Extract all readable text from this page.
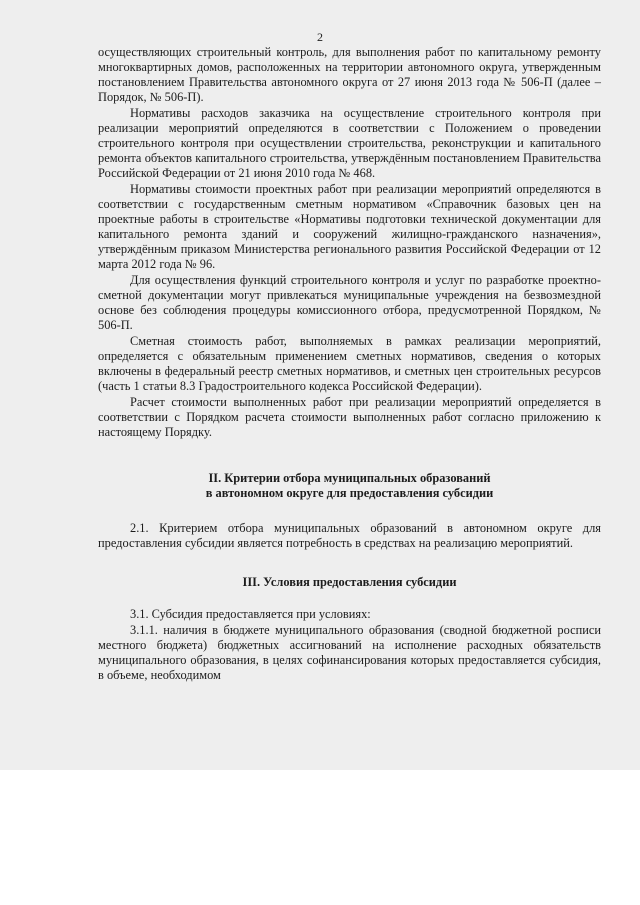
2

осуществляющих строительный контроль, для выполнения работ по капитальному ремонту многоквартирных домов, расположенных на территории автономного округа, утвержденным постановлением Правительства автономного округа от 27 июня 2013 года № 506-П (далее – Порядок, № 506-П).

Нормативы расходов заказчика на осуществление строительного контроля при реализации мероприятий определяются в соответствии с Положением о проведении строительного контроля при осуществлении строительства, реконструкции и капитального ремонта объектов капитального строительства, утверждённым постановлением Правительства Российской Федерации от 21 июня 2010 года № 468.

Нормативы стоимости проектных работ при реализации мероприятий определяются в соответствии с государственным сметным нормативом «Справочник базовых цен на проектные работы в строительстве «Нормативы подготовки технической документации для капитального ремонта зданий и сооружений жилищно-гражданского назначения», утверждённым приказом Министерства регионального развития Российской Федерации от 12 марта 2012 года № 96.

Для осуществления функций строительного контроля и услуг по разработке проектно-сметной документации могут привлекаться муниципальные учреждения на безвозмездной основе без соблюдения процедуры комиссионного отбора, предусмотренной Порядком, № 506-П.

Сметная стоимость работ, выполняемых в рамках реализации мероприятий, определяется с обязательным применением сметных нормативов, сведения о которых включены в федеральный реестр сметных нормативов, и сметных цен строительных ресурсов (часть 1 статьи 8.3 Градостроительного кодекса Российской Федерации).

Расчет стоимости выполненных работ при реализации мероприятий определяется в соответствии с Порядком расчета стоимости выполненных работ согласно приложению к настоящему Порядку.

II. Критерии отбора муниципальных образований
в автономном округе для предоставления субсидии

2.1. Критерием отбора муниципальных образований в автономном округе для предоставления субсидии является потребность в средствах на реализацию мероприятий.

III. Условия предоставления субсидии

3.1. Субсидия предоставляется при условиях:

3.1.1. наличия в бюджете муниципального образования (сводной бюджетной росписи местного бюджета) бюджетных ассигнований на исполнение расходных обязательств муниципального образования, в целях софинансирования которых предоставляется субсидия, в объеме, необходимом
